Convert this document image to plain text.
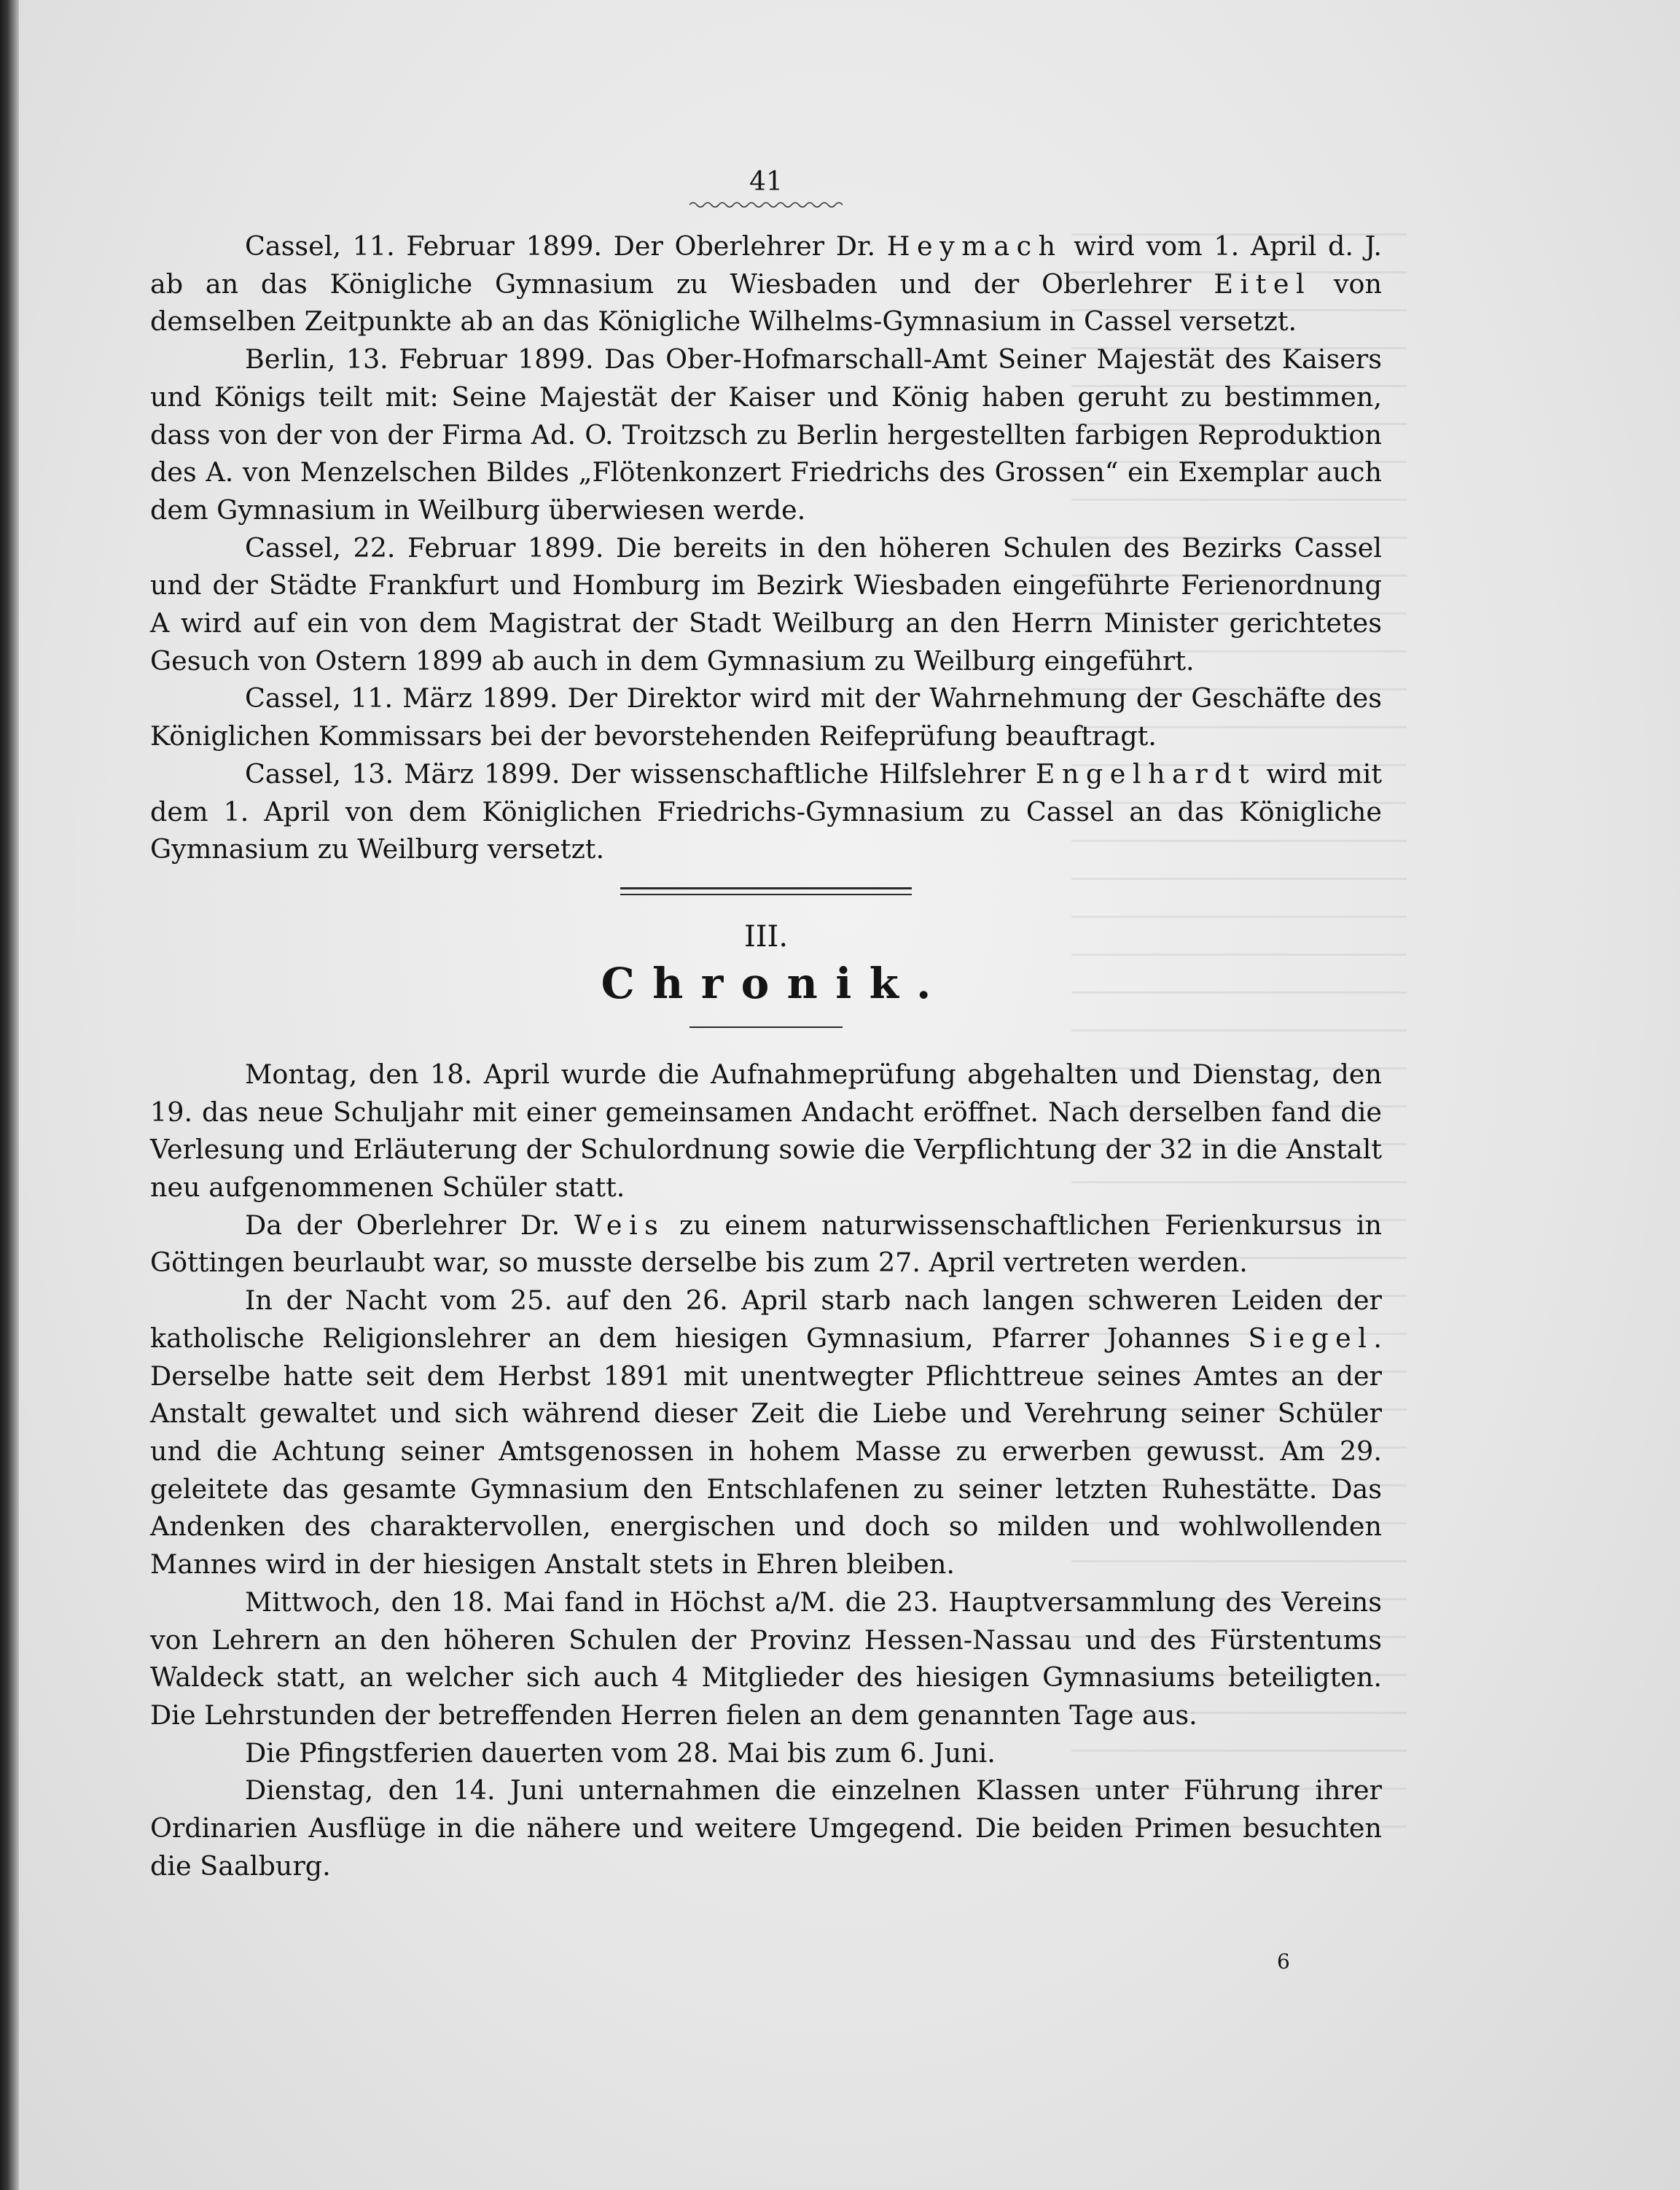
41

Cassel, 11. Februar 1899. Der Oberlehrer Dr. Heymach wird vom 1. April d. J. ab an das Königliche Gymnasium zu Wiesbaden und der Oberlehrer Eitel von demselben Zeitpunkte ab an das Königliche Wilhelms-Gymnasium in Cassel versetzt.

Berlin, 13. Februar 1899. Das Ober-Hofmarschall-Amt Seiner Majestät des Kaisers und Königs teilt mit: Seine Majestät der Kaiser und König haben geruht zu bestimmen, dass von der von der Firma Ad. O. Troitzsch zu Berlin hergestellten farbigen Reproduktion des A. von Menzelschen Bildes „Flötenkonzert Friedrichs des Grossen“ ein Exemplar auch dem Gymnasium in Weilburg überwiesen werde.

Cassel, 22. Februar 1899. Die bereits in den höheren Schulen des Bezirks Cassel und der Städte Frankfurt und Homburg im Bezirk Wiesbaden eingeführte Ferienordnung A wird auf ein von dem Magistrat der Stadt Weilburg an den Herrn Minister gerichtetes Gesuch von Ostern 1899 ab auch in dem Gymnasium zu Weilburg eingeführt.

Cassel, 11. März 1899. Der Direktor wird mit der Wahrnehmung der Geschäfte des Königlichen Kommissars bei der bevorstehenden Reifeprüfung beauftragt.

Cassel, 13. März 1899. Der wissenschaftliche Hilfslehrer Engelhardt wird mit dem 1. April von dem Königlichen Friedrichs-Gymnasium zu Cassel an das Königliche Gymnasium zu Weilburg versetzt.

III.
Chronik.

Montag, den 18. April wurde die Aufnahmeprüfung abgehalten und Dienstag, den 19. das neue Schuljahr mit einer gemeinsamen Andacht eröffnet. Nach derselben fand die Verlesung und Erläuterung der Schulordnung sowie die Verpflichtung der 32 in die Anstalt neu aufgenommenen Schüler statt.

Da der Oberlehrer Dr. Weis zu einem naturwissenschaftlichen Ferienkursus in Göttingen beurlaubt war, so musste derselbe bis zum 27. April vertreten werden.

In der Nacht vom 25. auf den 26. April starb nach langen schweren Leiden der katholische Religionslehrer an dem hiesigen Gymnasium, Pfarrer Johannes Siegel. Derselbe hatte seit dem Herbst 1891 mit unentwegter Pflichttreue seines Amtes an der Anstalt gewaltet und sich während dieser Zeit die Liebe und Verehrung seiner Schüler und die Achtung seiner Amtsgenossen in hohem Masse zu erwerben gewusst. Am 29. geleitete das gesamte Gymnasium den Entschlafenen zu seiner letzten Ruhestätte. Das Andenken des charaktervollen, energischen und doch so milden und wohlwollenden Mannes wird in der hiesigen Anstalt stets in Ehren bleiben.

Mittwoch, den 18. Mai fand in Höchst a/M. die 23. Hauptversammlung des Vereins von Lehrern an den höheren Schulen der Provinz Hessen-Nassau und des Fürstentums Waldeck statt, an welcher sich auch 4 Mitglieder des hiesigen Gymnasiums beteiligten. Die Lehrstunden der betreffenden Herren fielen an dem genannten Tage aus.

Die Pfingstferien dauerten vom 28. Mai bis zum 6. Juni.

Dienstag, den 14. Juni unternahmen die einzelnen Klassen unter Führung ihrer Ordinarien Ausflüge in die nähere und weitere Umgegend. Die beiden Primen besuchten die Saalburg.

6
